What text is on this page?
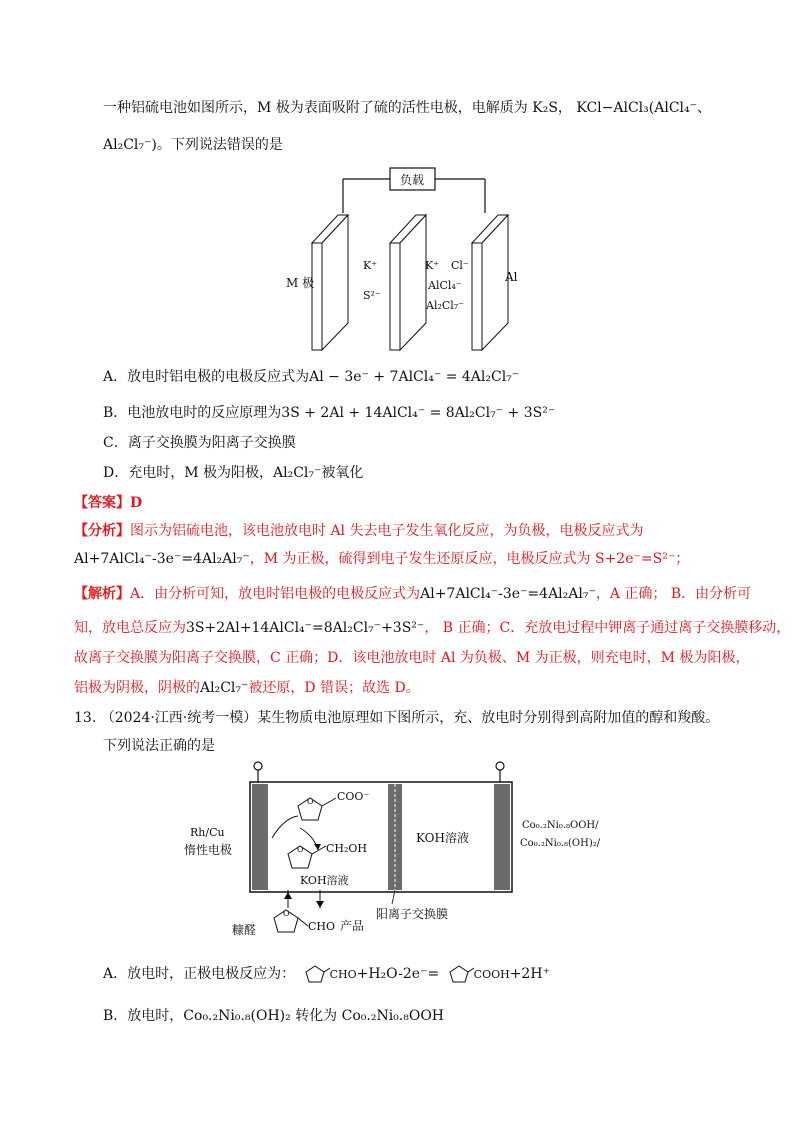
一种铝硫电池如图所示，M 极为表面吸附了硫的活性电极，电解质为 K₂S， KCl−AlCl₃(AlCl₄⁻、
Al₂Cl₇⁻)。下列说法错误的是
负载
M 极
K⁺
S²⁻
K⁺ Cl⁻
AlCl₄⁻
Al₂Cl₇⁻
Al
A．放电时铝电极的电极反应式为Al − 3e⁻ + 7AlCl₄⁻ = 4Al₂Cl₇⁻
B．电池放电时的反应原理为3S + 2Al + 14AlCl₄⁻ = 8Al₂Cl₇⁻ + 3S²⁻
C．离子交换膜为阳离子交换膜
D．充电时，M 极为阳极，Al₂Cl₇⁻被氧化
【答案】D
【分析】图示为铝硫电池，该电池放电时 Al 失去电子发生氧化反应，为负极，电极反应式为
Al+7AlCl₄⁻-3e⁻=4Al₂Al₇⁻，M 为正极，硫得到电子发生还原反应，电极反应式为 S+2e⁻=S²⁻；
【解析】A．由分析可知，放电时铝电极的电极反应式为Al+7AlCl₄⁻-3e⁻=4Al₂Al₇⁻，A 正确； B．由分析可
知，放电总反应为3S+2Al+14AlCl₄⁻=8Al₂Cl₇⁻+3S²⁻， B 正确；C．充放电过程中钾离子通过离子交换膜移动，
故离子交换膜为阳离子交换膜，C 正确；D．该电池放电时 Al 为负极、M 为正极，则充电时，M 极为阳极，
铝极为阴极，阴极的Al₂Cl₇⁻被还原，D 错误；故选 D。
13. （2024·江西·统考一模）某生物质电池原理如下图所示，充、放电时分别得到高附加值的醇和羧酸。
下列说法正确的是
Rh/Cu
惰性电极
O COO⁻
O CH₂OH
KOH溶液
KOH溶液
O
糠醛	CHO 产品
阳离子交换膜
Co₀.₂Ni₀.₈OOH/
Co₀.₂Ni₀.₈(OH)₂/
A．放电时，正极电极反应为：	CHO+H₂O-2e⁻=	COOH+2H⁺
B．放电时，Co₀.₂Ni₀.₈(OH)₂ 转化为 Co₀.₂Ni₀.₈OOH
